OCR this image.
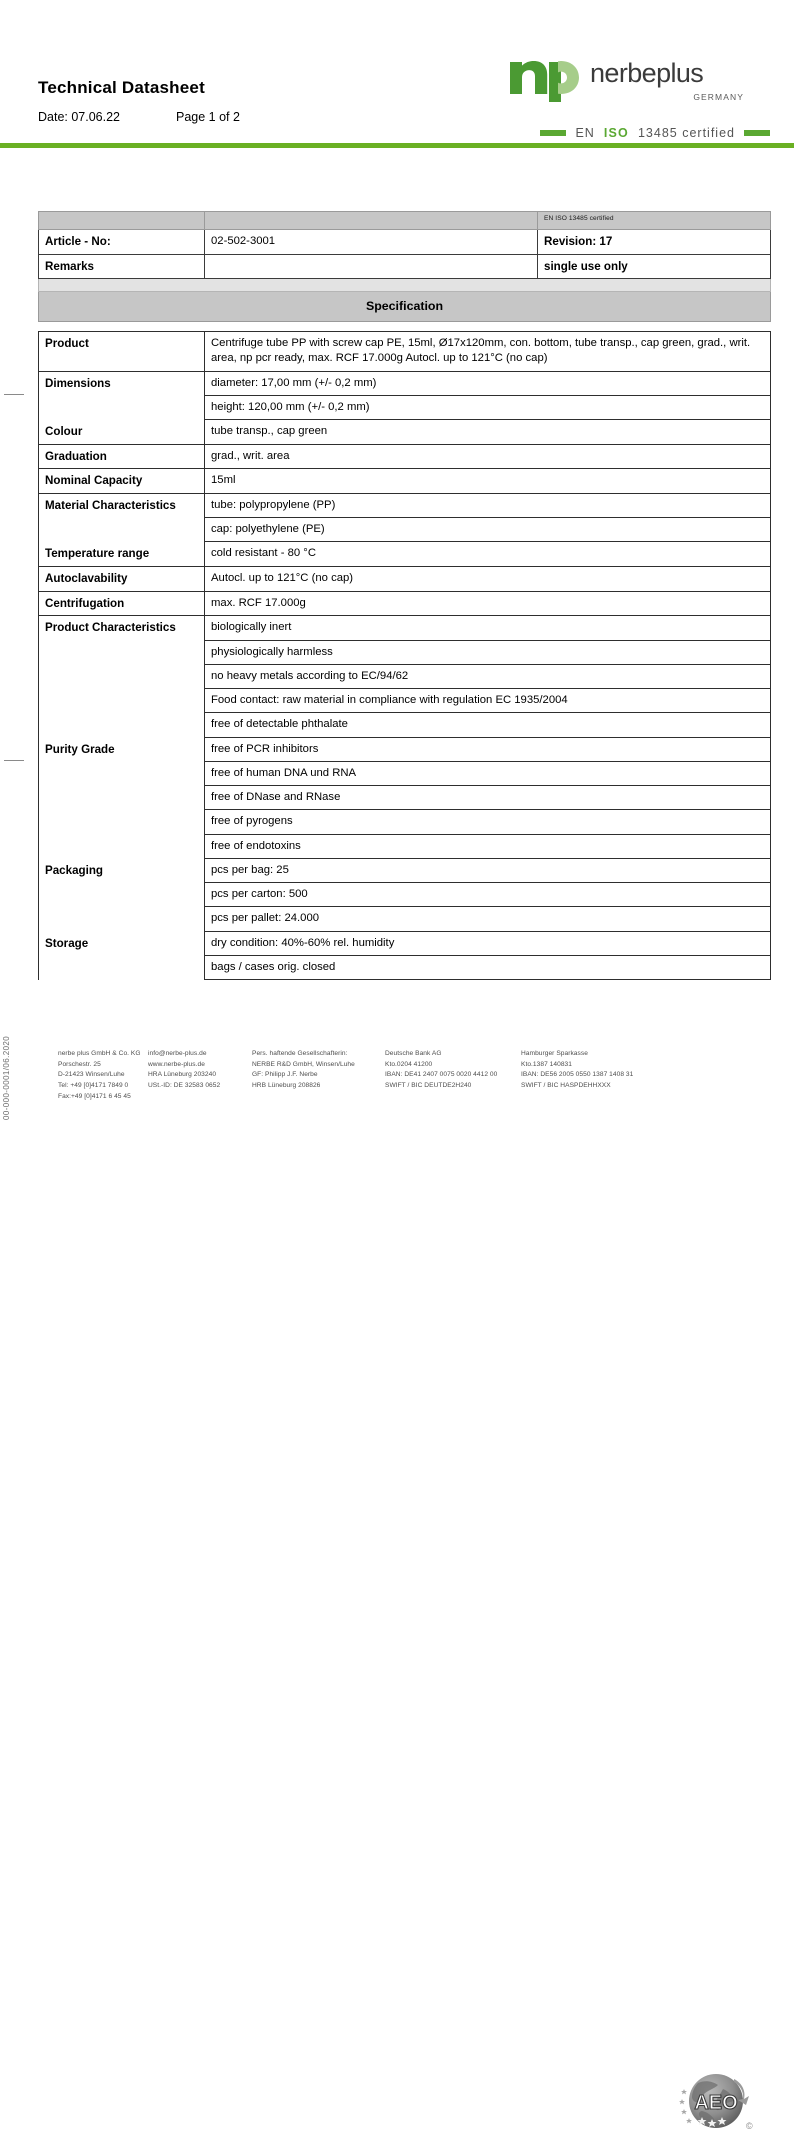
Technical Datasheet
Date: 07.06.22	Page 1 of 2
nerbeplus
GERMANY
EN ISO 13485 certified
00-000-0001/06.2020
		EN ISO 13485 certified
Article - No:	02-502-3001	Revision: 17
Remarks		single use only

Specification		
Product	Centrifuge tube PP with screw cap PE, 15ml, Ø17x120mm, con. bottom, tube transp., cap green, grad., writ. area, np pcr ready, max. RCF 17.000g Autocl. up to 121°C (no cap)
Dimensions	diameter: 17,00 mm (+/- 0,2 mm)
	height: 120,00 mm (+/- 0,2 mm)
Colour	tube transp., cap green
Graduation	grad., writ. area
Nominal Capacity	15ml
Material Characteristics	tube: polypropylene (PP)
	cap: polyethylene (PE)
Temperature range	cold resistant - 80 °C
Autoclavability	Autocl. up to 121°C (no cap)
Centrifugation	max. RCF 17.000g
Product Characteristics	biologically inert
	physiologically harmless
	no heavy metals according to EC/94/62
	Food contact: raw material in compliance with regulation EC 1935/2004
	free of detectable phthalate
Purity Grade	free of PCR inhibitors
	free of human DNA und RNA
	free of DNase and RNase
	free of pyrogens
	free of endotoxins
Packaging	pcs per bag: 25
	pcs per carton: 500
	pcs per pallet: 24.000
Storage	dry condition: 40%-60% rel. humidity
	bags / cases orig. closed
nerbe plus GmbH & Co. KG
Porschestr. 25
D-21423 Winsen/Luhe
Tel: +49 [0]4171 7849 0
Fax:+49 [0]4171 6 45 45
info@nerbe-plus.de
www.nerbe-plus.de
HRA Lüneburg 203240
USt.-ID: DE 32583 0652
Pers. haftende Gesellschafterin:
NERBE R&D GmbH, Winsen/Luhe
GF: Philipp J.F. Nerbe
HRB Lüneburg 208826
Deutsche Bank AG
Kto.0204 41200
IBAN: DE41 2407 0075 0020 4412 00
SWIFT / BIC DEUTDE2H240
Hamburger Sparkasse
Kto.1387 140831
IBAN: DE56 2005 0550 1387 1408 31
SWIFT / BIC HASPDEHHXXX
AEO
©
